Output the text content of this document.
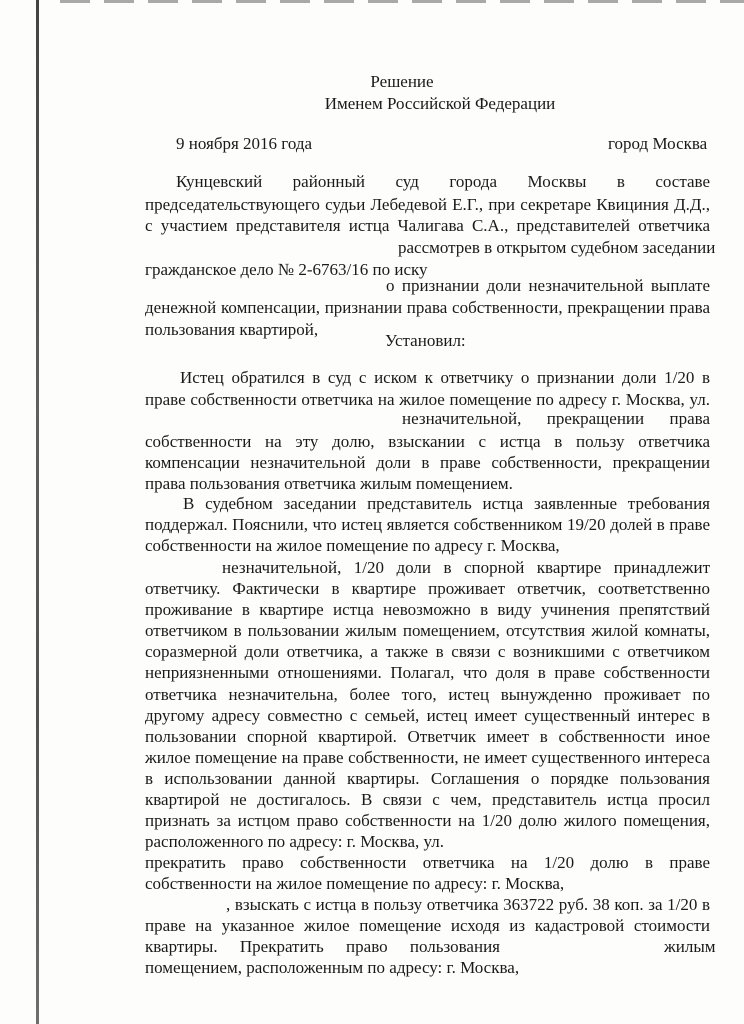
Решение
Именем Российской Федерации
9 ноября 2016 года	город Москва
Кунцевский районный суд города Москвы в составе
председательствующего судьи Лебедевой Е.Г., при секретаре Квициния Д.Д.,
с участием представителя истца Чалигава С.А., представителей ответчика
рассмотрев в открытом судебном заседании
гражданское дело № 2-6763/16 по иску
о признании доли незначительной выплате
денежной компенсации, признании права собственности, прекращении права
пользования квартирой,
Установил:
Истец обратился в суд с иском к ответчику о признании доли 1/20 в
праве собственности ответчика на жилое помещение по адресу г. Москва, ул.
незначительной, прекращении права
собственности на эту долю, взыскании с истца в пользу ответчика
компенсации незначительной доли в праве собственности, прекращении
права пользования ответчика жилым помещением.
В судебном заседании представитель истца заявленные требования
поддержал. Пояснили, что истец является собственником 19/20 долей в праве
собственности на жилое помещение по адресу г. Москва,
незначительной, 1/20 доли в спорной квартире принадлежит
ответчику. Фактически в квартире проживает ответчик, соответственно
проживание в квартире истца невозможно в виду учинения препятствий
ответчиком в пользовании жилым помещением, отсутствия жилой комнаты,
соразмерной доли ответчика, а также в связи с возникшими с ответчиком
неприязненными отношениями. Полагал, что доля в праве собственности
ответчика незначительна, более того, истец вынужденно проживает по
другому адресу совместно с семьей, истец имеет существенный интерес в
пользовании спорной квартирой. Ответчик имеет в собственности иное
жилое помещение на праве собственности, не имеет существенного интереса
в использовании данной квартиры. Соглашения о порядке пользования
квартирой не достигалось. В связи с чем, представитель истца просил
признать за истцом право собственности на 1/20 долю жилого помещения,
расположенного по адресу: г. Москва, ул.
прекратить право собственности ответчика на 1/20 долю в праве
собственности на жилое помещение по адресу: г. Москва,
, взыскать с истца в пользу ответчика 363722 руб. 38 коп. за 1/20 в
праве на указанное жилое помещение исходя из кадастровой стоимости
квартиры. Прекратить право пользования	жилым
помещением, расположенным по адресу: г. Москва,
